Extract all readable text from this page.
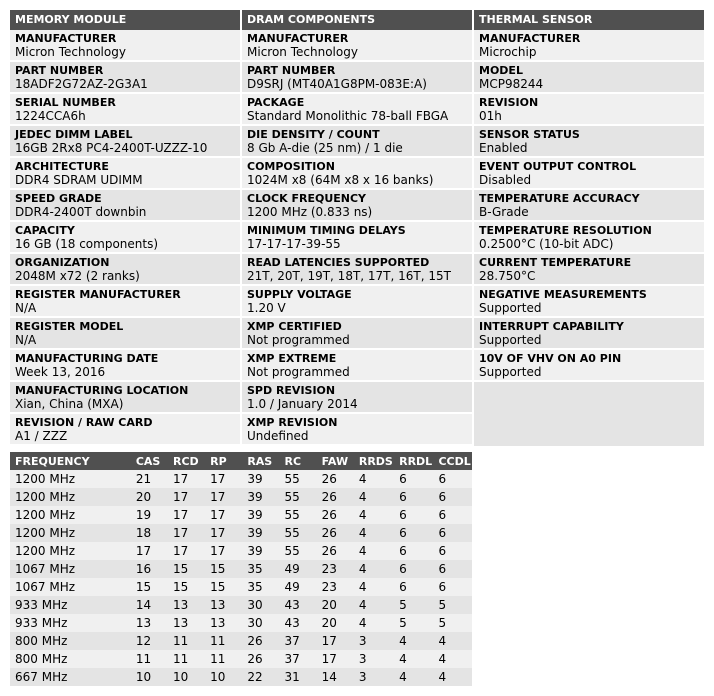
MEMORY MODULE
MANUFACTURER
Micron Technology
PART NUMBER
18ADF2G72AZ-2G3A1
SERIAL NUMBER
1224CCA6h
JEDEC DIMM LABEL
16GB 2Rx8 PC4-2400T-UZZZ-10
ARCHITECTURE
DDR4 SDRAM UDIMM
SPEED GRADE
DDR4-2400T downbin
CAPACITY
16 GB (18 components)
ORGANIZATION
2048M x72 (2 ranks)
REGISTER MANUFACTURER
N/A
REGISTER MODEL
N/A
MANUFACTURING DATE
Week 13, 2016
MANUFACTURING LOCATION
Xian, China (MXA)
REVISION / RAW CARD
A1 / ZZZ
DRAM COMPONENTS
MANUFACTURER
Micron Technology
PART NUMBER
D9SRJ (MT40A1G8PM-083E:A)
PACKAGE
Standard Monolithic 78-ball FBGA
DIE DENSITY / COUNT
8 Gb A-die (25 nm) / 1 die
COMPOSITION
1024M x8 (64M x8 x 16 banks)
CLOCK FREQUENCY
1200 MHz (0.833 ns)
MINIMUM TIMING DELAYS
17-17-17-39-55
READ LATENCIES SUPPORTED
21T, 20T, 19T, 18T, 17T, 16T, 15T
SUPPLY VOLTAGE
1.20 V
XMP CERTIFIED
Not programmed
XMP EXTREME
Not programmed
SPD REVISION
1.0 / January 2014
XMP REVISION
Undefined
THERMAL SENSOR
MANUFACTURER
Microchip
MODEL
MCP98244
REVISION
01h
SENSOR STATUS
Enabled
EVENT OUTPUT CONTROL
Disabled
TEMPERATURE ACCURACY
B-Grade
TEMPERATURE RESOLUTION
0.2500°C (10-bit ADC)
CURRENT TEMPERATURE
28.750°C
NEGATIVE MEASUREMENTS
Supported
INTERRUPT CAPABILITY
Supported
10V OF VHV ON A0 PIN
Supported
FREQUENCY	CAS	RCD	RP	RAS	RC	FAW	RRDS	RRDL	CCDL
1200 MHz	21	17	17	39	55	26	4	6	6
1200 MHz	20	17	17	39	55	26	4	6	6
1200 MHz	19	17	17	39	55	26	4	6	6
1200 MHz	18	17	17	39	55	26	4	6	6
1200 MHz	17	17	17	39	55	26	4	6	6
1067 MHz	16	15	15	35	49	23	4	6	6
1067 MHz	15	15	15	35	49	23	4	6	6
933 MHz	14	13	13	30	43	20	4	5	5
933 MHz	13	13	13	30	43	20	4	5	5
800 MHz	12	11	11	26	37	17	3	4	4
800 MHz	11	11	11	26	37	17	3	4	4
667 MHz	10	10	10	22	31	14	3	4	4
